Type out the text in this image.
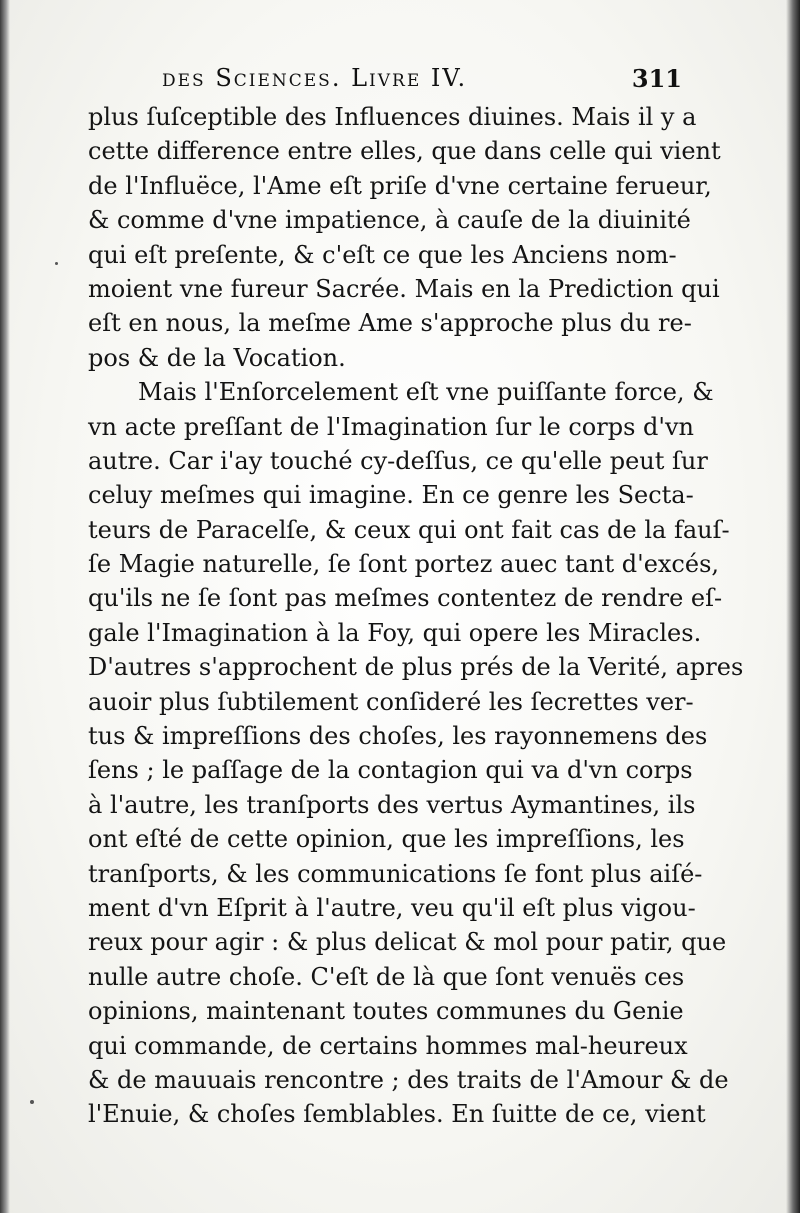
des Sciences. Livre IV.	311
plus ſuſceptible des Influences diuines. Mais il y a
cette difference entre elles, que dans celle qui vient
de l'Influëce, l'Ame eſt priſe d'vne certaine ferueur,
& comme d'vne impatience, à cauſe de la diuinité
qui eſt preſente, & c'eſt ce que les Anciens nom-
moient vne fureur Sacrée. Mais en la Prediction qui
eſt en nous, la meſme Ame s'approche plus du re-
pos & de la Vocation.
Mais l'Enſorcelement eſt vne puiſſante force, &
vn acte preſſant de l'Imagination ſur le corps d'vn
autre. Car i'ay touché cy-deſſus, ce qu'elle peut ſur
celuy meſmes qui imagine. En ce genre les Secta-
teurs de Paracelſe, & ceux qui ont fait cas de la fauſ-
ſe Magie naturelle, ſe ſont portez auec tant d'excés,
qu'ils ne ſe ſont pas meſmes contentez de rendre eſ-
gale l'Imagination à la Foy, qui opere les Miracles.
D'autres s'approchent de plus prés de la Verité, apres
auoir plus ſubtilement conſideré les ſecrettes ver-
tus & impreſſions des choſes, les rayonnemens des
ſens ; le paſſage de la contagion qui va d'vn corps
à l'autre, les tranſports des vertus Aymantines, ils
ont eſté de cette opinion, que les impreſſions, les
tranſports, & les communications ſe font plus aiſé-
ment d'vn Eſprit à l'autre, veu qu'il eſt plus vigou-
reux pour agir : & plus delicat & mol pour patir, que
nulle autre choſe. C'eſt de là que ſont venuës ces
opinions, maintenant toutes communes du Genie
qui commande, de certains hommes mal-heureux
& de mauuais rencontre ; des traits de l'Amour & de
l'Enuie, & choſes ſemblables. En ſuitte de ce, vient
